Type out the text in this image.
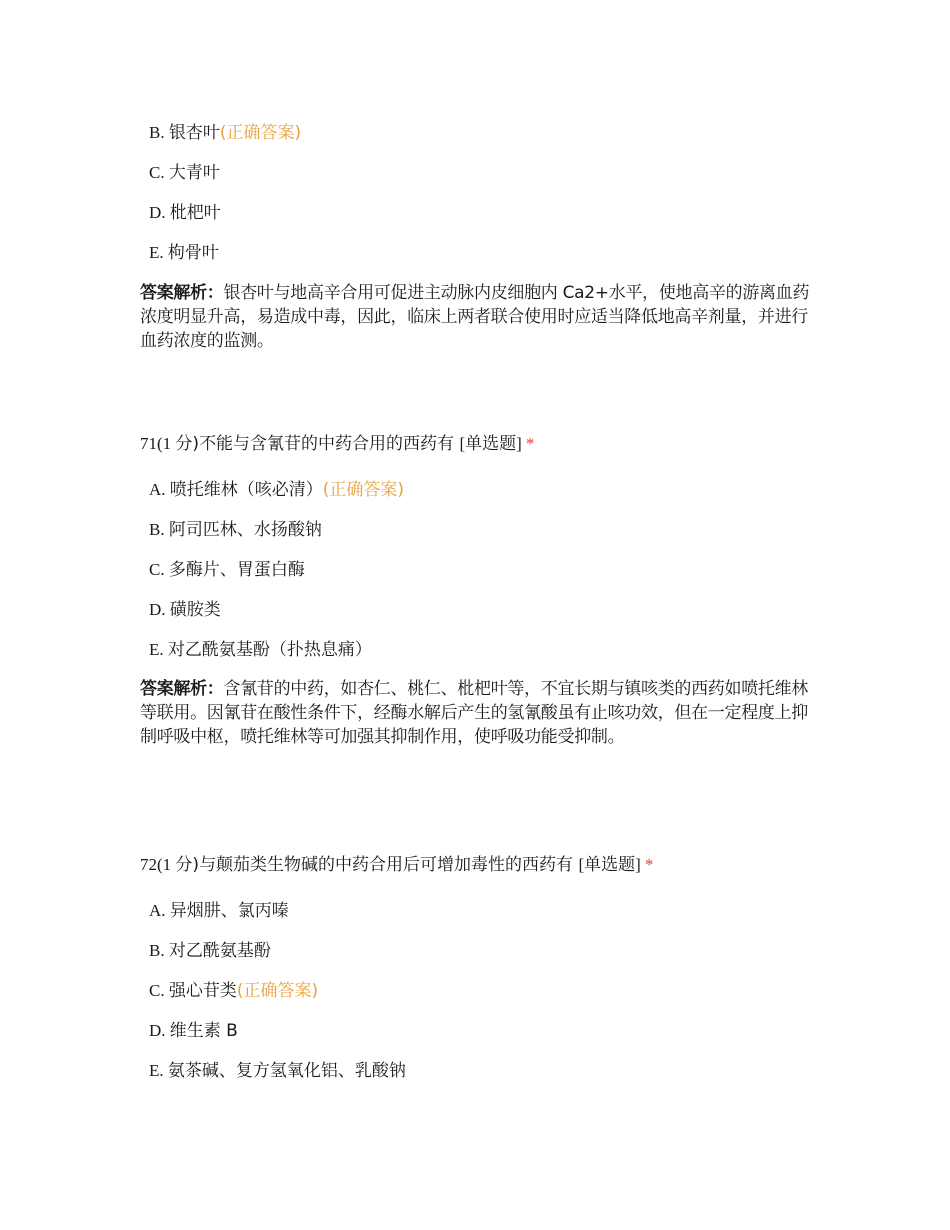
B. 银杏叶(正确答案)
C. 大青叶
D. 枇杷叶
E. 枸骨叶
答案解析：银杏叶与地高辛合用可促进主动脉内皮细胞内 Ca2+水平，使地高辛的游离血药浓度明显升高，易造成中毒，因此，临床上两者联合使用时应适当降低地高辛剂量，并进行血药浓度的监测。
71(1 分)不能与含氰苷的中药合用的西药有 [单选题] *
A. 喷托维林（咳必清）(正确答案)
B. 阿司匹林、水扬酸钠
C. 多酶片、胃蛋白酶
D. 磺胺类
E. 对乙酰氨基酚（扑热息痛）
答案解析：含氰苷的中药，如杏仁、桃仁、枇杷叶等，不宜长期与镇咳类的西药如喷托维林等联用。因氰苷在酸性条件下，经酶水解后产生的氢氰酸虽有止咳功效，但在一定程度上抑制呼吸中枢，喷托维林等可加强其抑制作用，使呼吸功能受抑制。
72(1 分)与颠茄类生物碱的中药合用后可增加毒性的西药有 [单选题] *
A. 异烟肼、氯丙嗪
B. 对乙酰氨基酚
C. 强心苷类(正确答案)
D. 维生素 B
E. 氨茶碱、复方氢氧化铝、乳酸钠
